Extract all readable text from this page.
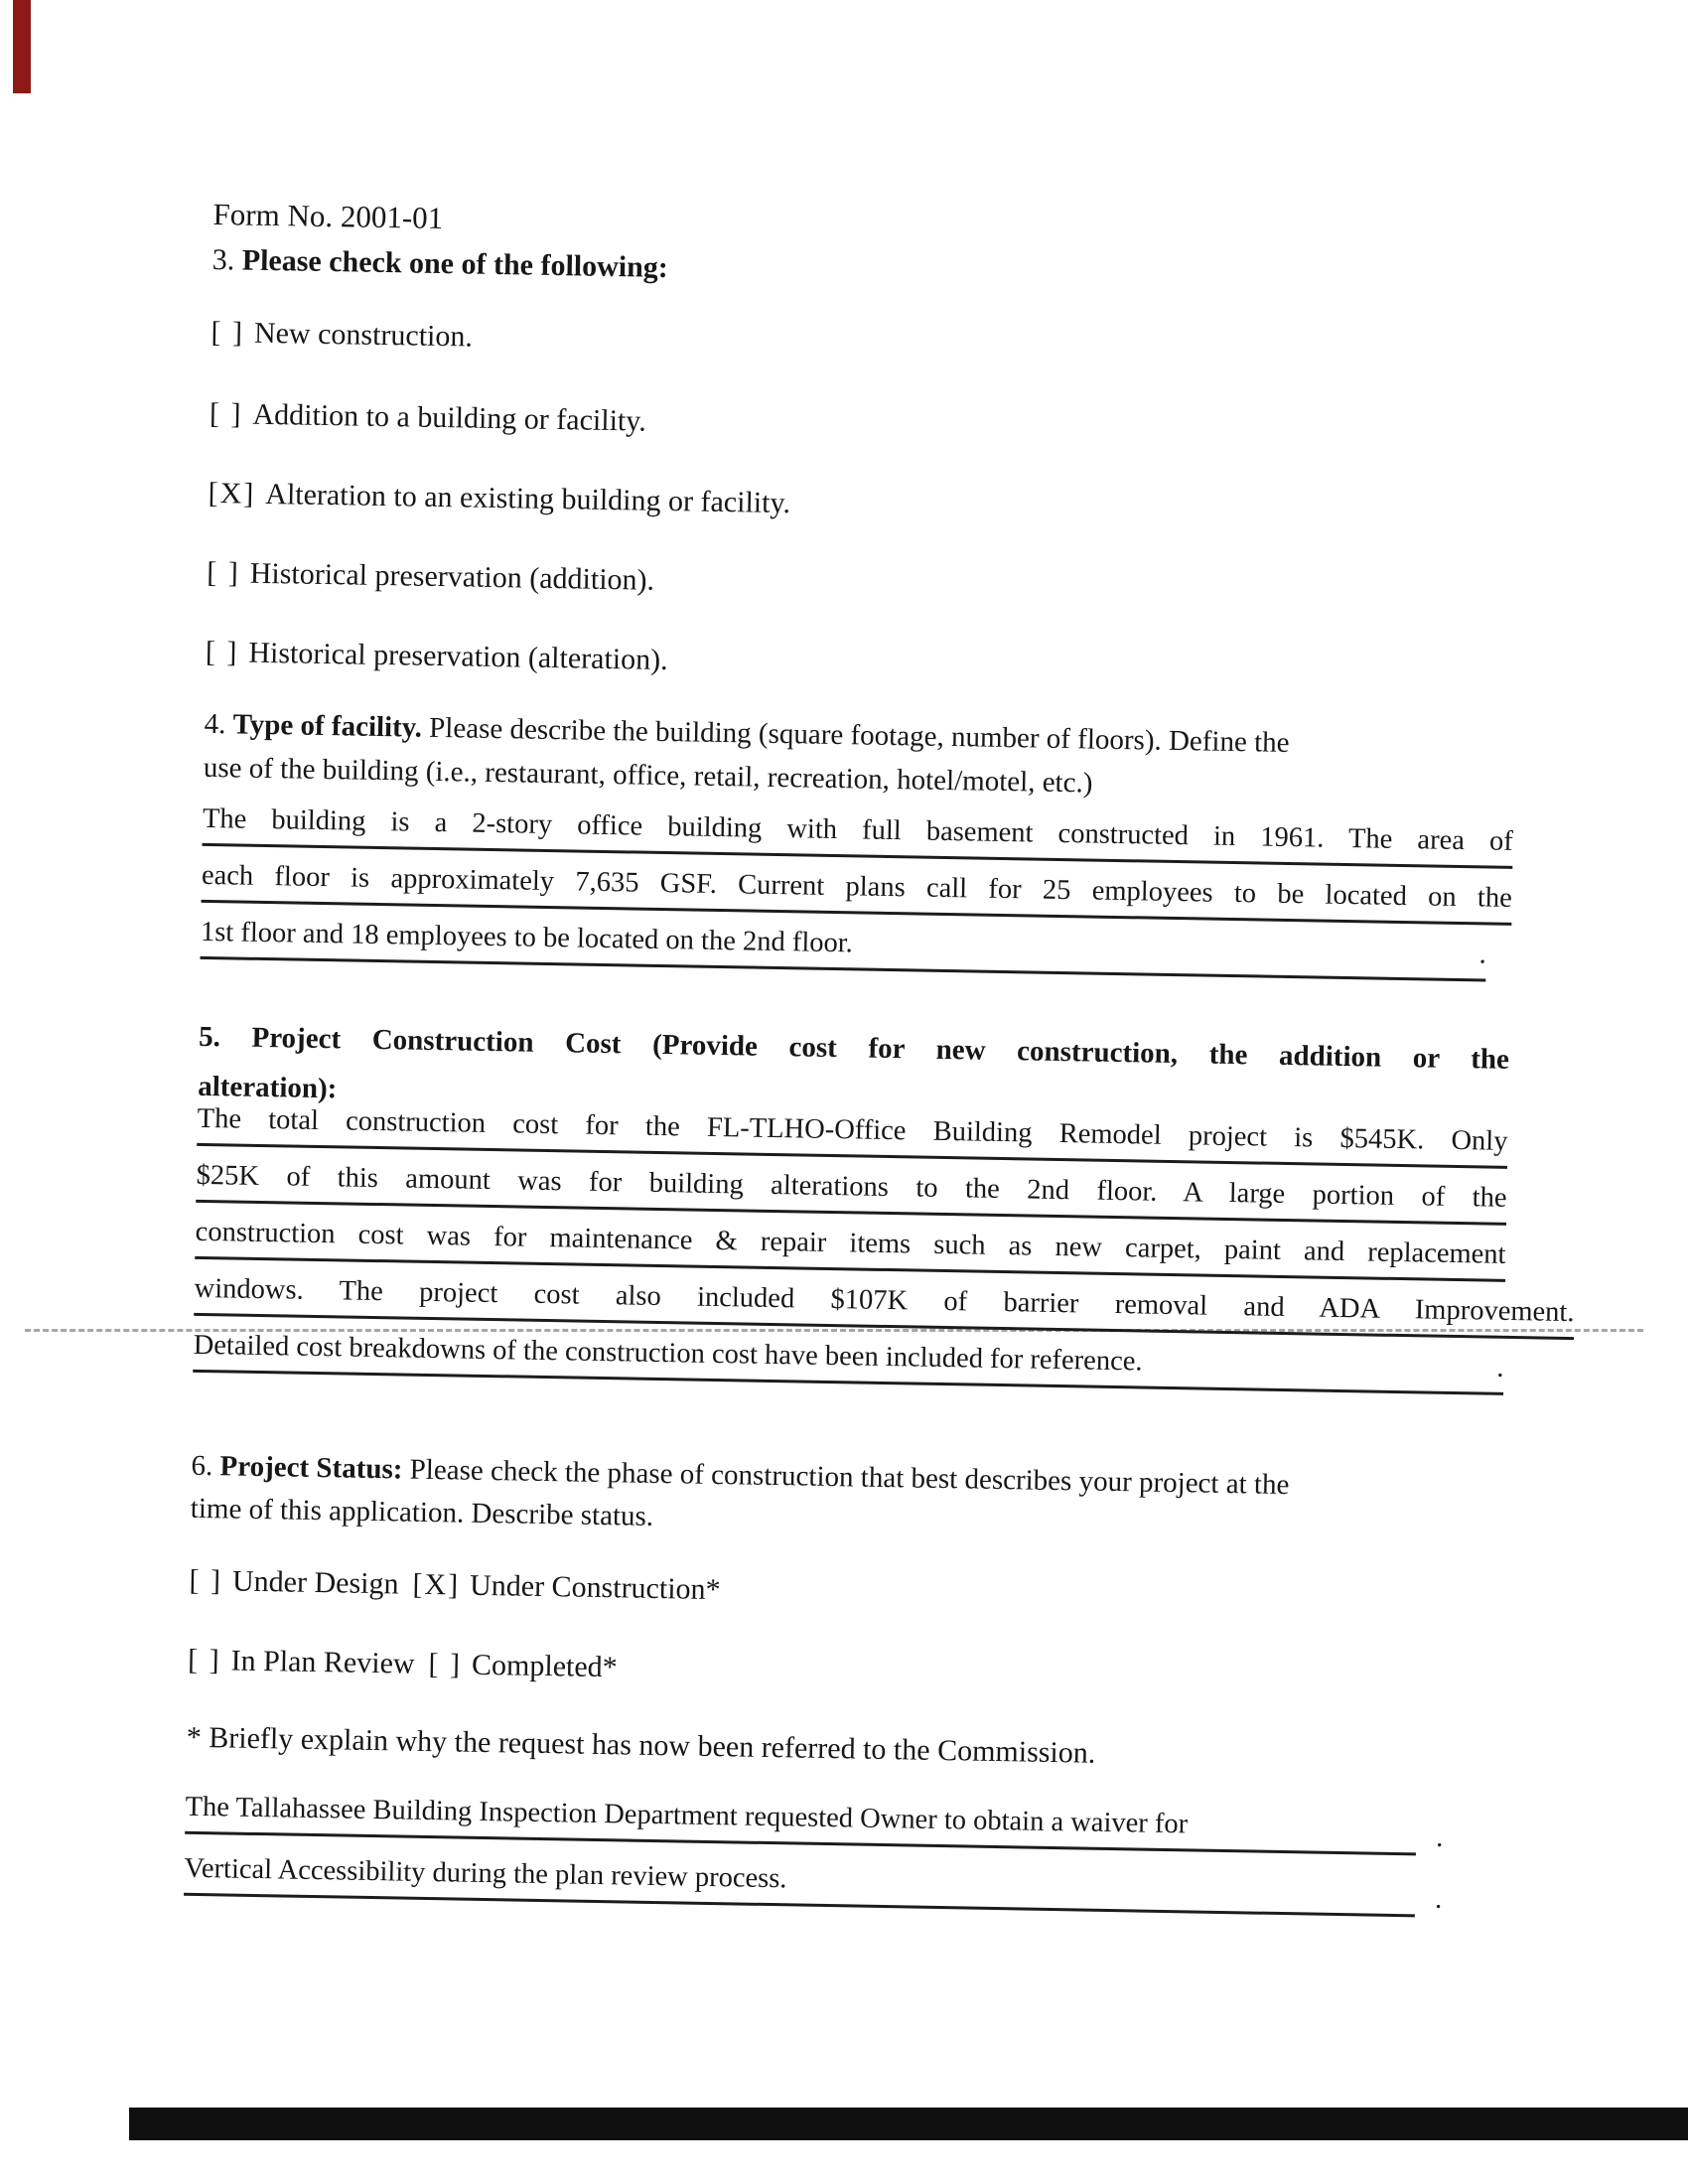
Form No. 2001-01
3. Please check one of the following:
[ ] New construction.
[ ] Addition to a building or facility.
[X] Alteration to an existing building or facility.
[ ] Historical preservation (addition).
[ ] Historical preservation (alteration).
4. Type of facility. Please describe the building (square footage, number of floors). Define the
use of the building (i.e., restaurant, office, retail, recreation, hotel/motel, etc.)
The building is a 2-story office building with full basement constructed in 1961. The area of
each floor is approximately 7,635 GSF. Current plans call for 25 employees to be located on the
1st floor and 18 employees to be located on the 2nd floor.	.
5. Project Construction Cost (Provide cost for new construction, the addition or the
alteration):
The total construction cost for the FL-TLHO-Office Building Remodel project is $545K. Only
$25K of this amount was for building alterations to the 2nd floor. A large portion of the
construction cost was for maintenance & repair items such as new carpet, paint and replacement
windows. The project cost also included $107K of barrier removal and ADA Improvement.
Detailed cost breakdowns of the construction cost have been included for reference.	.
6. Project Status: Please check the phase of construction that best describes your project at the
time of this application. Describe status.
[ ] Under Design [X] Under Construction*
[ ] In Plan Review [ ] Completed*
* Briefly explain why the request has now been referred to the Commission.
The Tallahassee Building Inspection Department requested Owner to obtain a waiver for	.
Vertical Accessibility during the plan review process.
.
